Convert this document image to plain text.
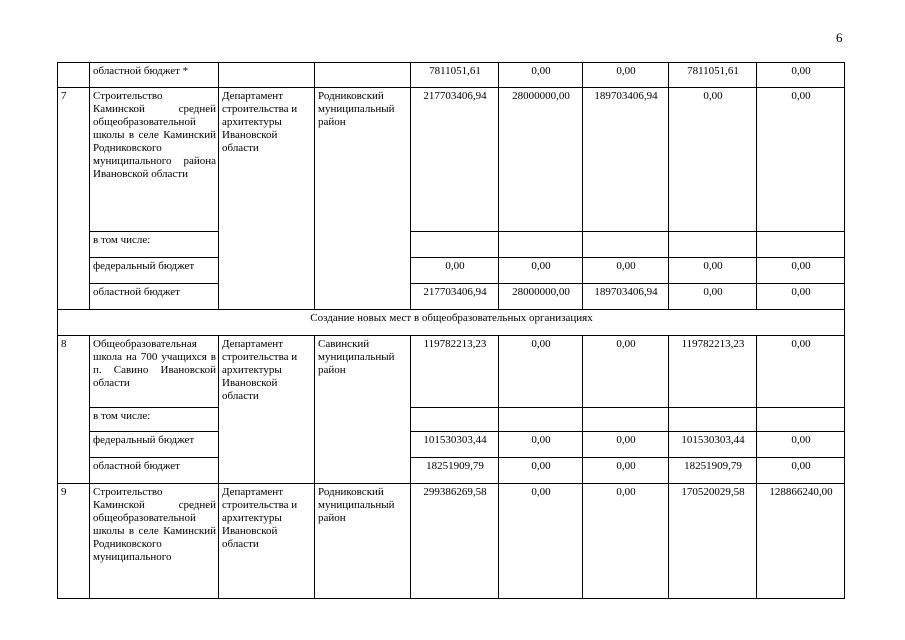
6
	областной бюджет *			7811051,61	0,00	0,00	7811051,61	0,00
7	Строительство Каминской средней общеобразовательной школы в селе Каминский Родниковского муниципального района Ивановской области	Департамент строительства и архитектуры Ивановской области	Родниковский муниципальный район	217703406,94	28000000,00	189703406,94	0,00	0,00
	в том числе:							
	федеральный бюджет			0,00	0,00	0,00	0,00	0,00
	областной бюджет			217703406,94	28000000,00	189703406,94	0,00	0,00
Создание новых мест в общеобразовательных организациях								
8	Общеобразовательная школа на 700 учащихся в п. Савино Ивановской области	Департамент строительства и архитектуры Ивановской области	Савинский муниципальный район	119782213,23	0,00	0,00	119782213,23	0,00
	в том числе:							
	федеральный бюджет			101530303,44	0,00	0,00	101530303,44	0,00
	областной бюджет			18251909,79	0,00	0,00	18251909,79	0,00
9	Строительство Каминской средней общеобразовательной школы в селе Каминский Родниковского муниципального	Департамент строительства и архитектуры Ивановской области	Родниковский муниципальный район	299386269,58	0,00	0,00	170520029,58	128866240,00
